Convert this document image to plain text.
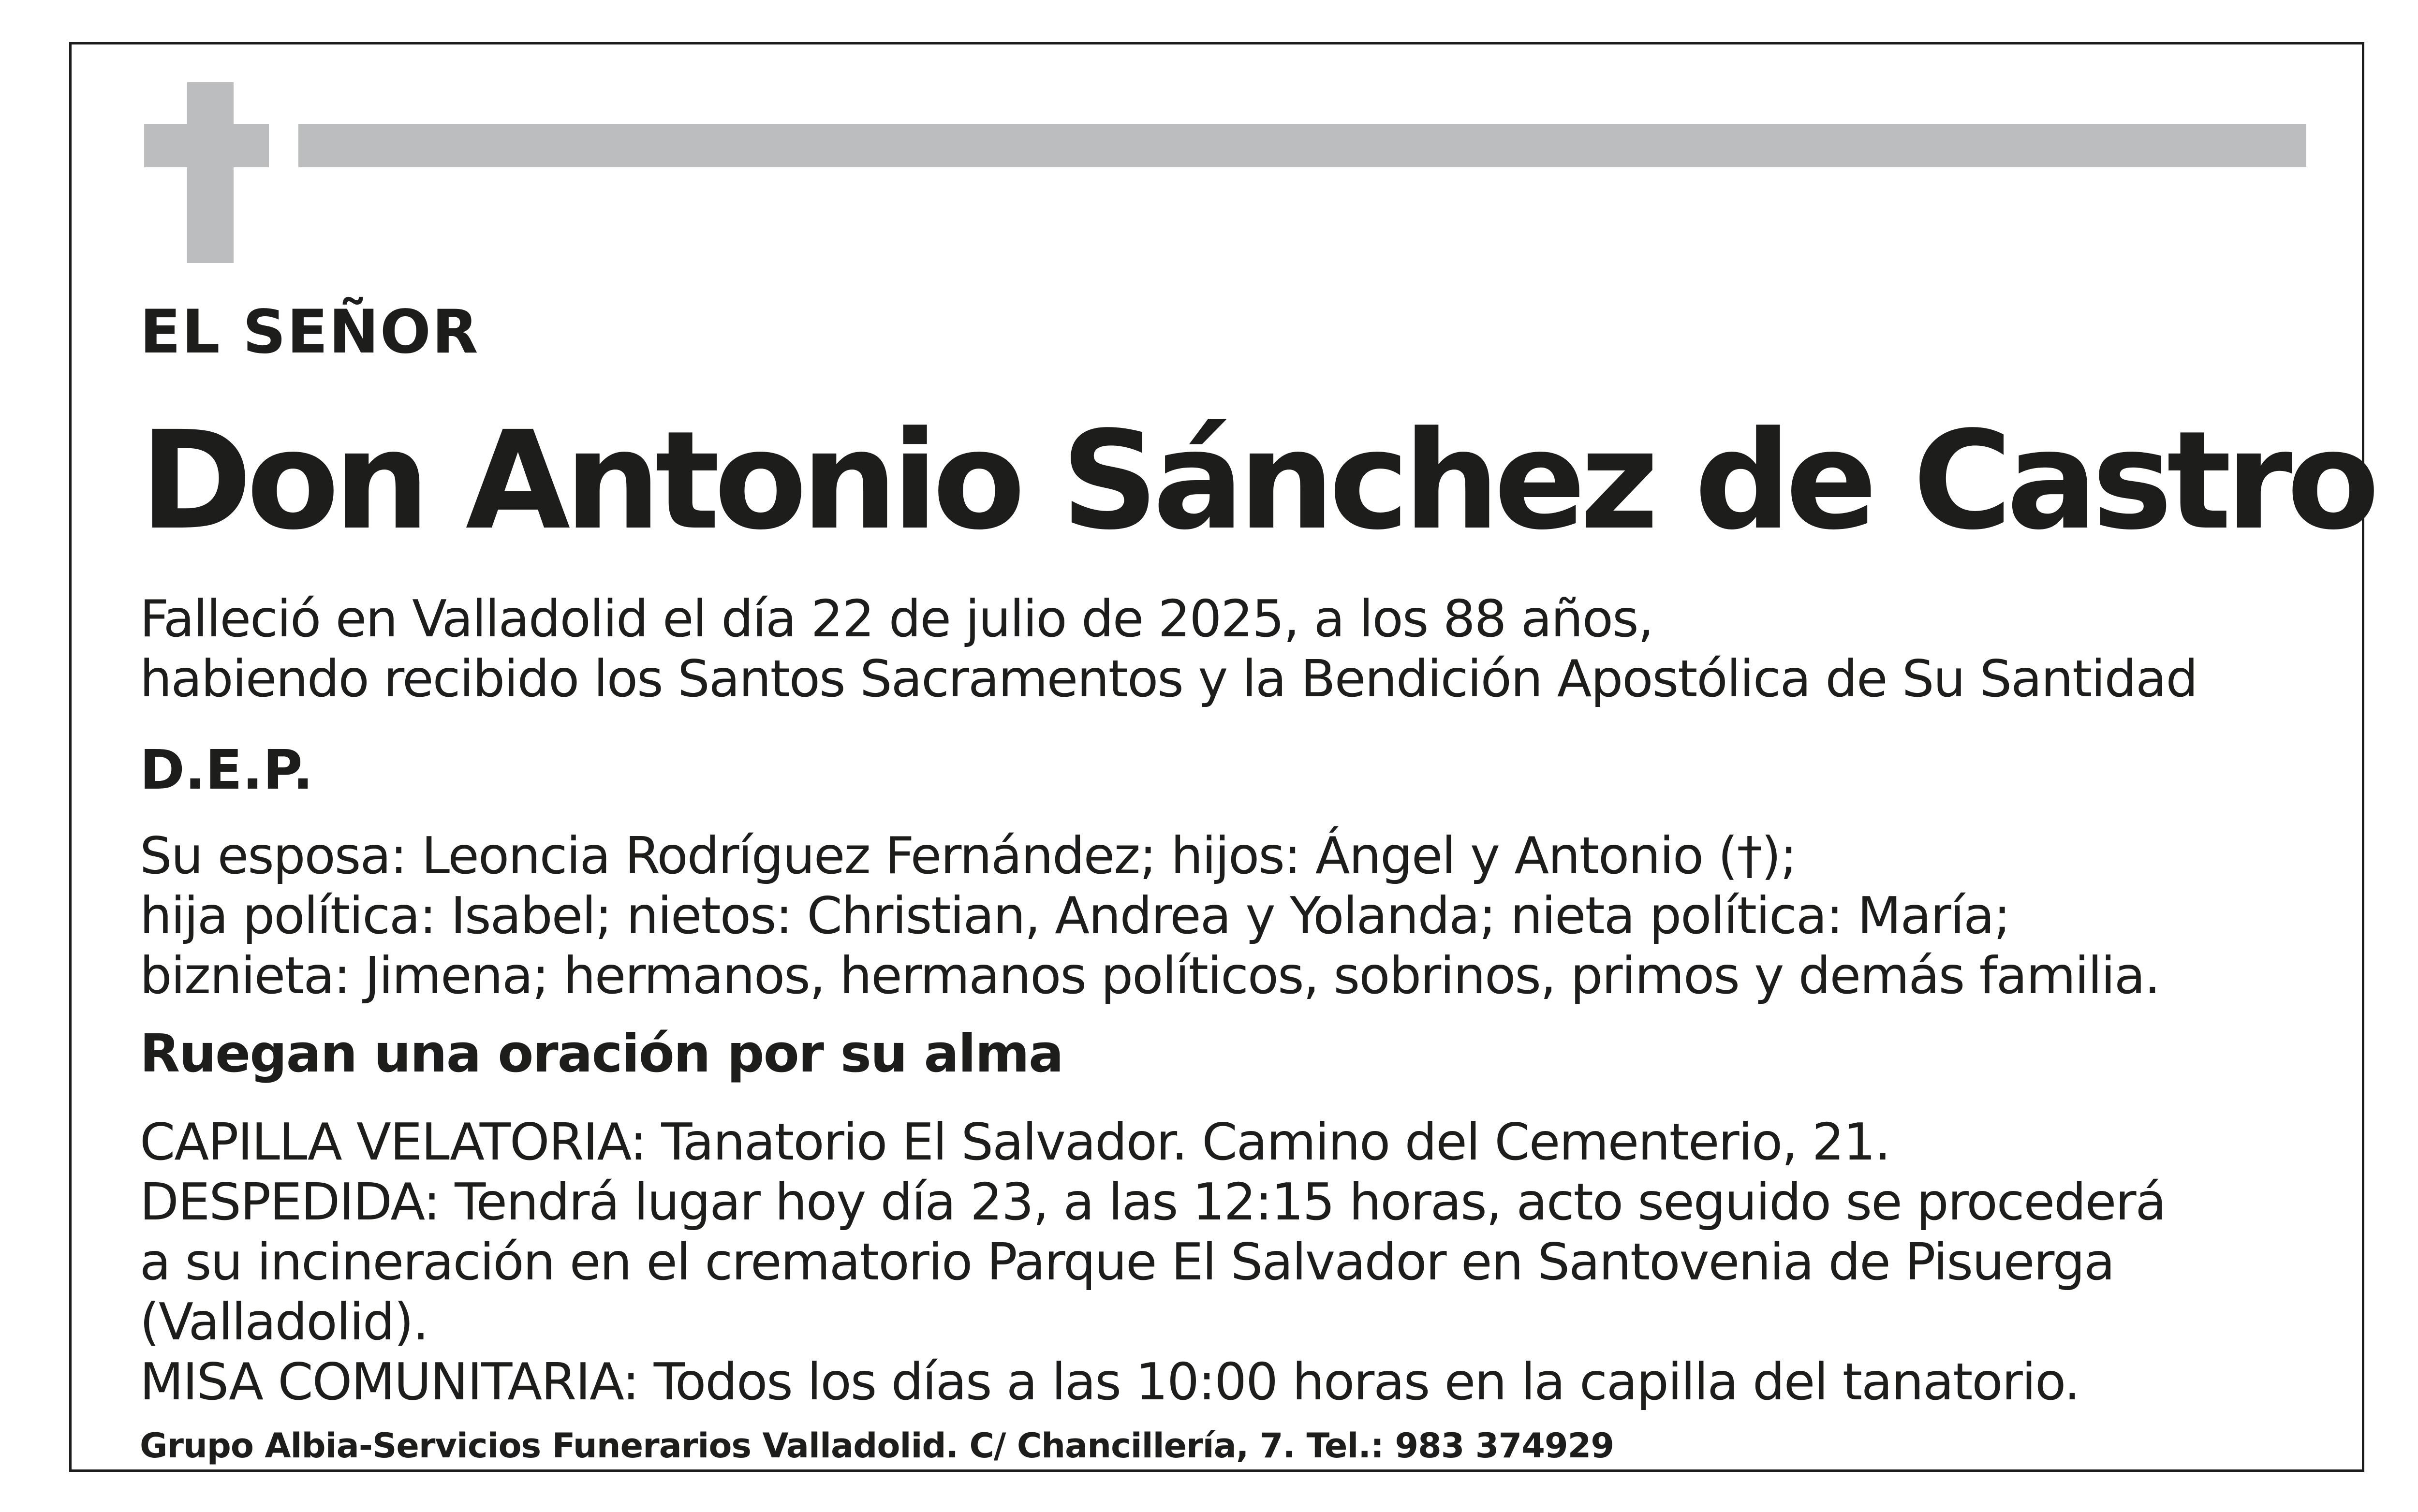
EL SEÑOR

Don Antonio Sánchez de Castro

Falleció en Valladolid el día 22 de julio de 2025, a los 88 años,

habiendo recibido los Santos Sacramentos y la Bendición Apostólica de Su Santidad

D.E.P.

Su esposa: Leoncia Rodríguez Fernández; hijos: Ángel y Antonio (†);

hija política: Isabel; nietos: Christian, Andrea y Yolanda; nieta política: María;

biznieta: Jimena; hermanos, hermanos políticos, sobrinos, primos y demás familia.

Ruegan una oración por su alma

CAPILLA VELATORIA: Tanatorio El Salvador. Camino del Cementerio, 21.

DESPEDIDA: Tendrá lugar hoy día 23, a las 12:15 horas, acto seguido se procederá

a su incineración en el crematorio Parque El Salvador en Santovenia de Pisuerga

(Valladolid).

MISA COMUNITARIA: Todos los días a las 10:00 horas en la capilla del tanatorio.

Grupo Albia-Servicios Funerarios Valladolid. C/ Chancillería, 7. Tel.: 983 374929
